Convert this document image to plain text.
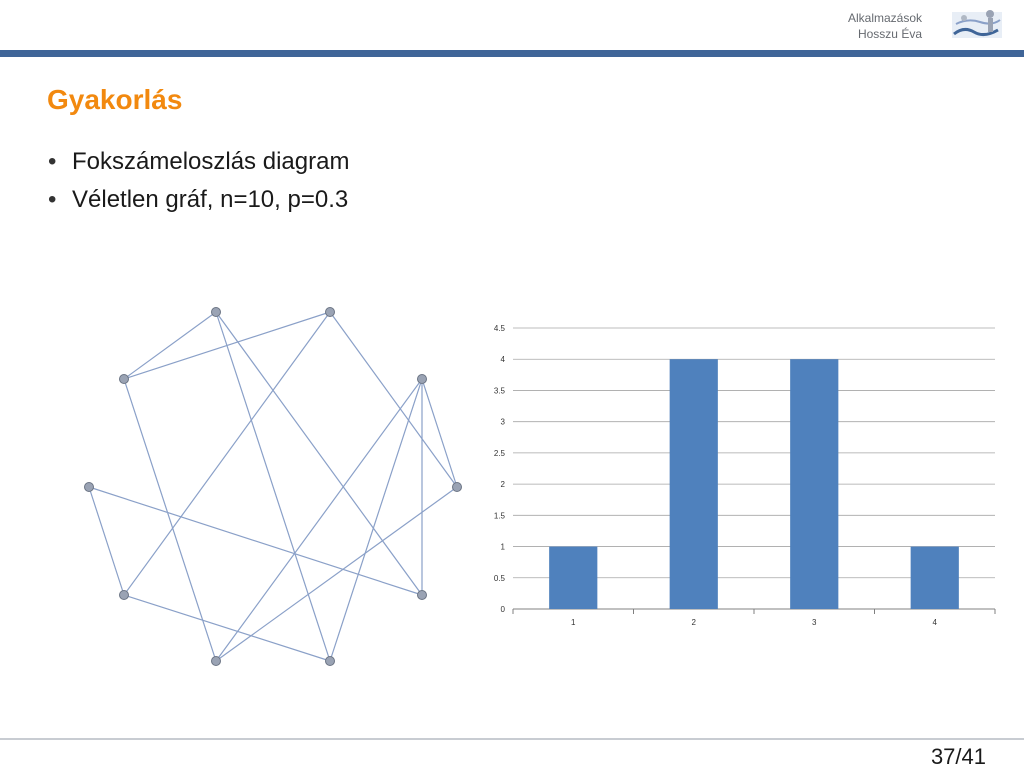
Alkalmazások
Hosszu Éva
Gyakorlás
• Fokszámeloszlás diagram
• Véletlen gráf, n=10, p=0.3
0
0.5
1
1.5
2
2.5
3
3.5
4
4.5
1	2	3	4
37/41
